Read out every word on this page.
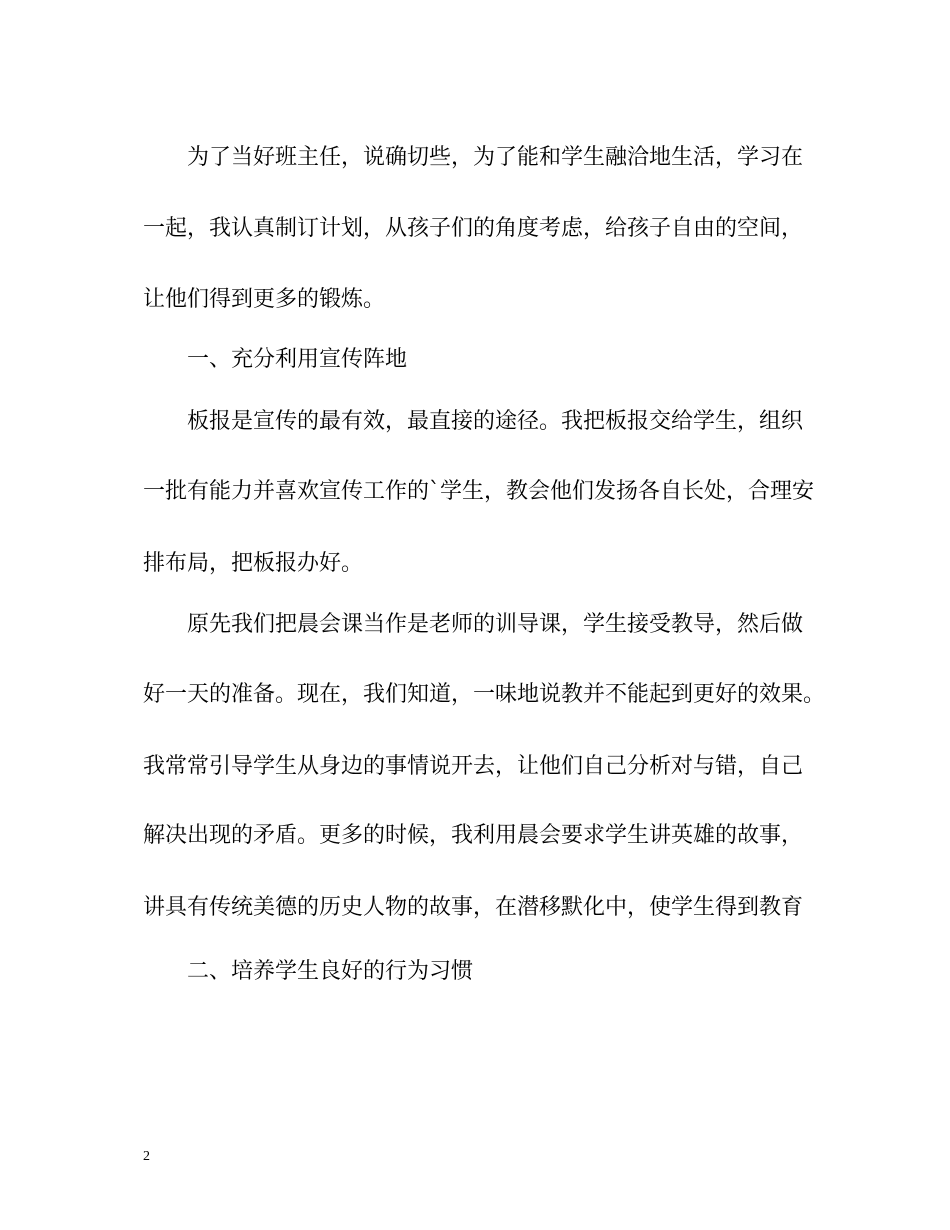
为了当好班主任，说确切些，为了能和学生融洽地生活，学习在

一起，我认真制订计划，从孩子们的角度考虑，给孩子自由的空间，

让他们得到更多的锻炼。

一、充分利用宣传阵地

板报是宣传的最有效，最直接的途径。我把板报交给学生，组织

一批有能力并喜欢宣传工作的`学生，教会他们发扬各自长处，合理安

排布局，把板报办好。

原先我们把晨会课当作是老师的训导课，学生接受教导，然后做

好一天的准备。现在，我们知道，一味地说教并不能起到更好的效果。

我常常引导学生从身边的事情说开去，让他们自己分析对与错，自己

解决出现的矛盾。更多的时候，我利用晨会要求学生讲英雄的故事，

讲具有传统美德的历史人物的故事，在潜移默化中，使学生得到教育

二、培养学生良好的行为习惯

2
